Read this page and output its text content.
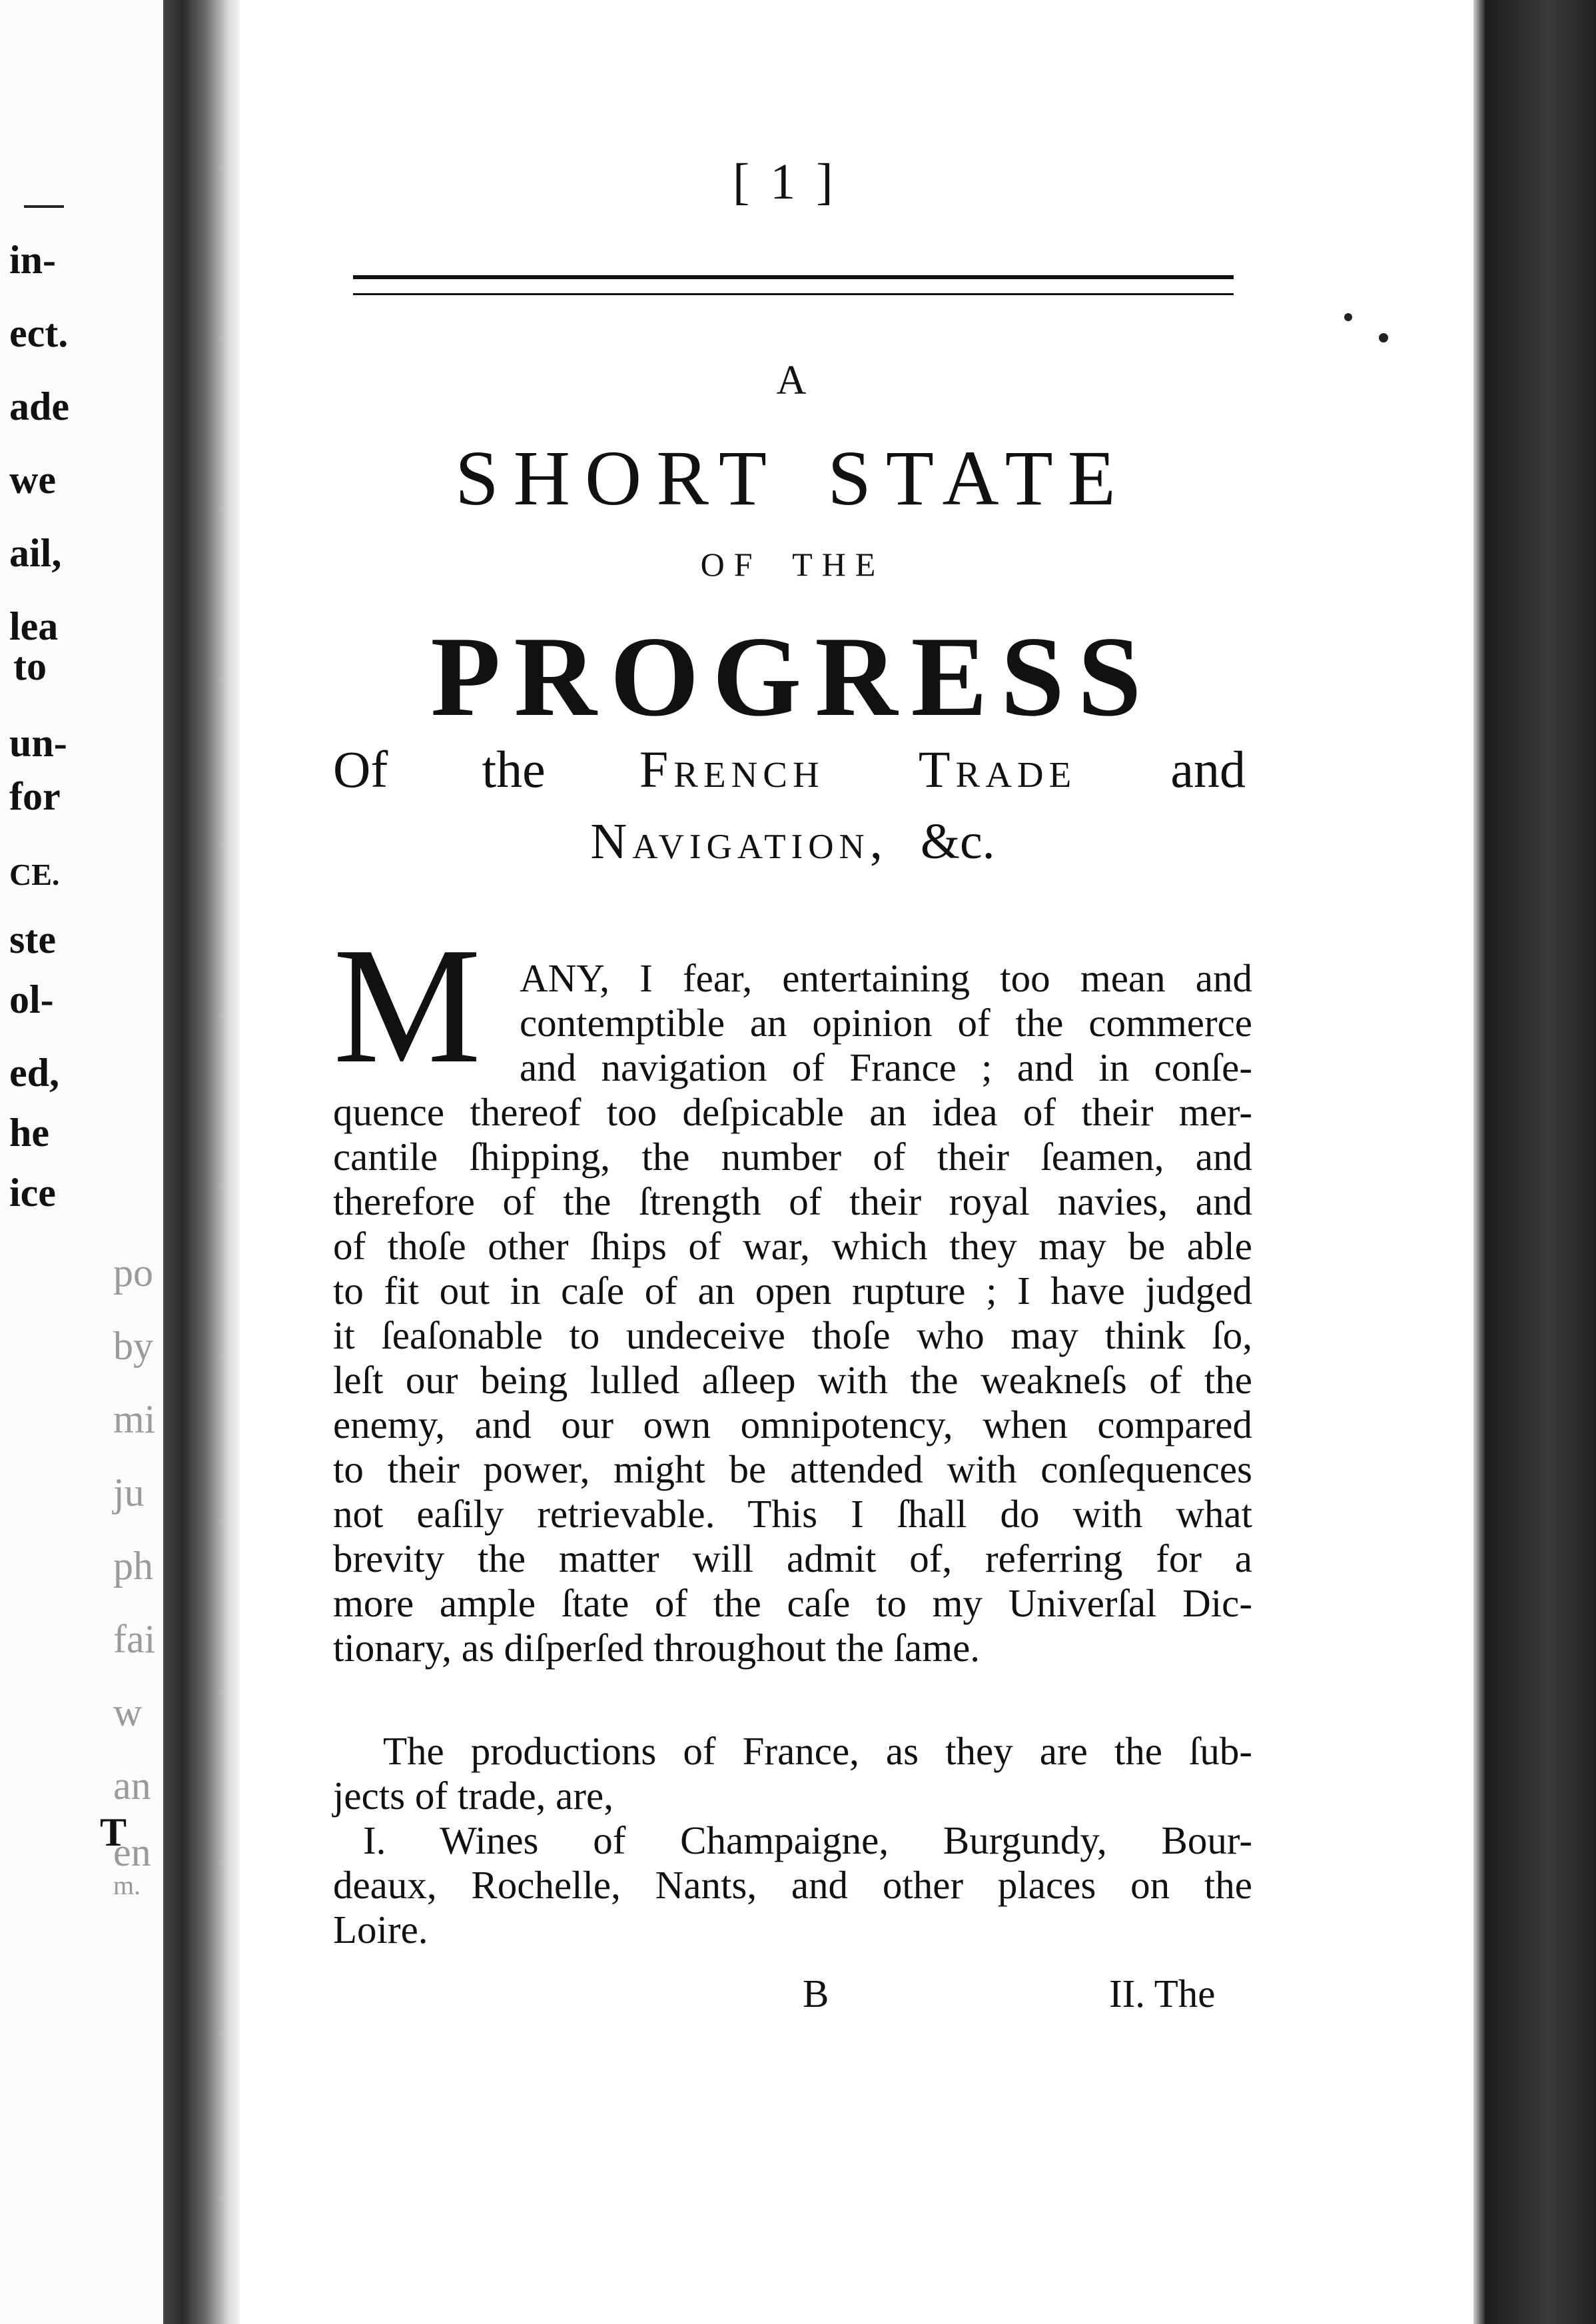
in-
ect.
ade
we
ail,
lea
to
un-
for
CE.
ste
ol-
ed,
he
ice
po
by
mi
ju
ph
fai
w
an
en
T
m.
[ 1 ]
A
SHORT STATE
OF THE
PROGRESS
Of the French Trade and
Navigation, &c.
M ANY, I fear, entertaining too mean and
contemptible an opinion of the commerce
and navigation of France ; and in conſe-
quence thereof too deſpicable an idea of their mer-
cantile ſhipping, the number of their ſeamen, and
therefore of the ſtrength of their royal navies, and
of thoſe other ſhips of war, which they may be able
to fit out in caſe of an open rupture ; I have judged
it ſeaſonable to undeceive thoſe who may think ſo,
leſt our being lulled aſleep with the weakneſs of the
enemy, and our own omnipotency, when compared
to their power, might be attended with conſequences
not eaſily retrievable. This I ſhall do with what
brevity the matter will admit of, referring for a
more ample ſtate of the caſe to my Univerſal Dic-
tionary, as diſperſed throughout the ſame.
The productions of France, as they are the ſub-
jects of trade, are,
I. Wines of Champaigne, Burgundy, Bour-
deaux, Rochelle, Nants, and other places on the
Loire.
B	II. The
